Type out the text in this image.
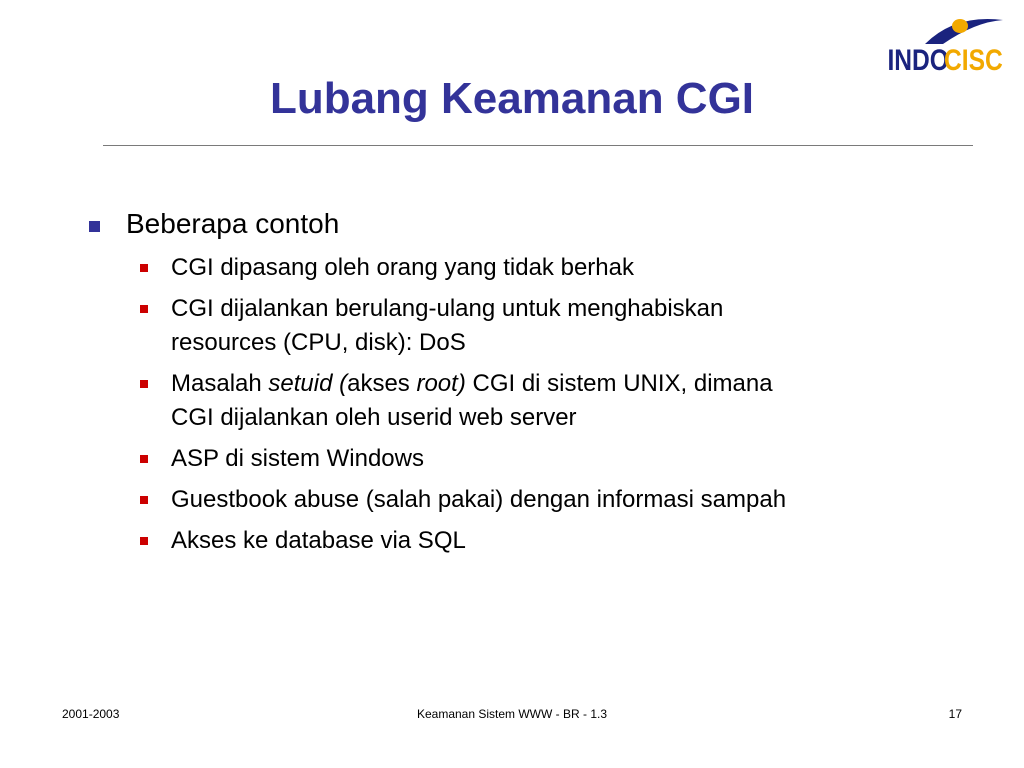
INDO
CISC
Lubang Keamanan CGI
Beberapa contoh
CGI dipasang oleh orang yang tidak berhak
CGI dijalankan berulang-ulang untuk menghabiskan
resources (CPU, disk): DoS
Masalah setuid (akses root) CGI di sistem UNIX, dimana
CGI dijalankan oleh userid web server
ASP di sistem Windows
Guestbook abuse (salah pakai) dengan informasi sampah
Akses ke database via SQL
2001-2003	Keamanan Sistem WWW - BR - 1.3	17
